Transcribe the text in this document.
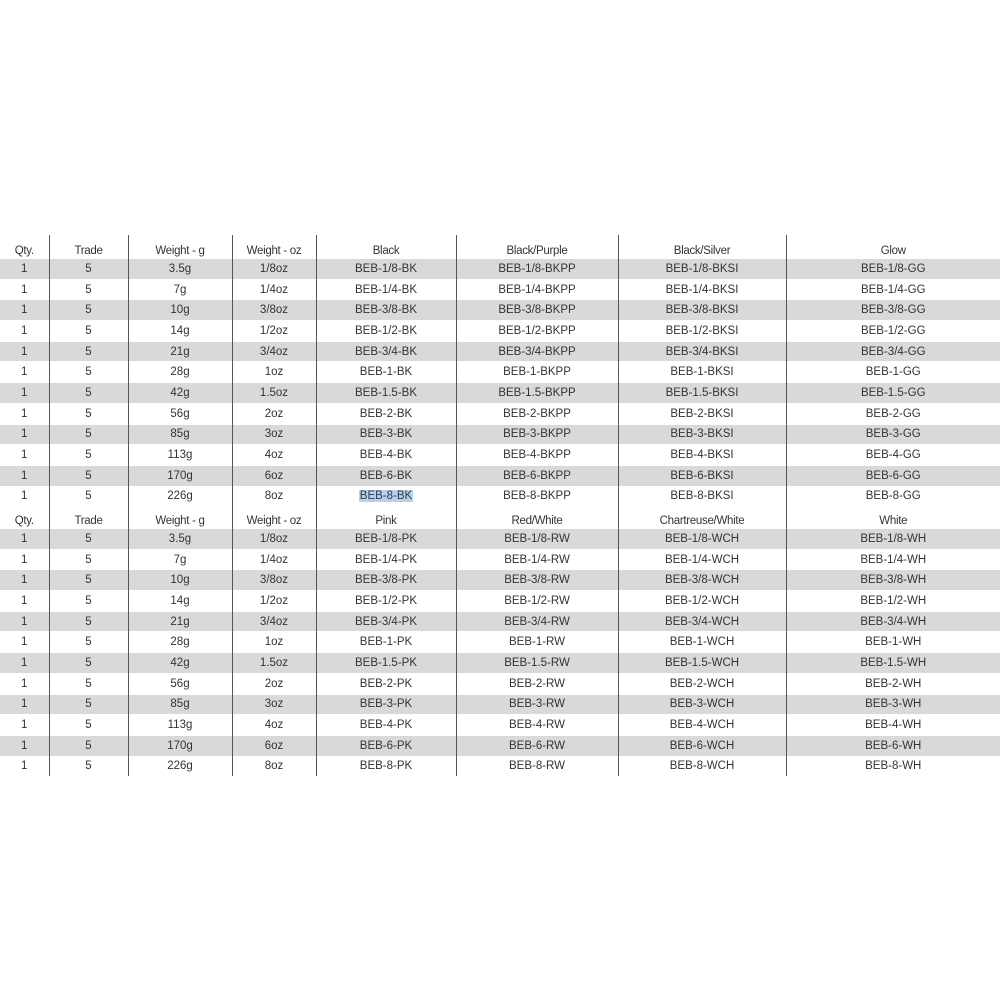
Qty.	Trade	Weight - g	Weight - oz	Black	Black/Purple	Black/Silver	Glow
1	5	3.5g	1/8oz	BEB-1/8-BK	BEB-1/8-BKPP	BEB-1/8-BKSI	BEB-1/8-GG
1	5	7g	1/4oz	BEB-1/4-BK	BEB-1/4-BKPP	BEB-1/4-BKSI	BEB-1/4-GG
1	5	10g	3/8oz	BEB-3/8-BK	BEB-3/8-BKPP	BEB-3/8-BKSI	BEB-3/8-GG
1	5	14g	1/2oz	BEB-1/2-BK	BEB-1/2-BKPP	BEB-1/2-BKSI	BEB-1/2-GG
1	5	21g	3/4oz	BEB-3/4-BK	BEB-3/4-BKPP	BEB-3/4-BKSI	BEB-3/4-GG
1	5	28g	1oz	BEB-1-BK	BEB-1-BKPP	BEB-1-BKSI	BEB-1-GG
1	5	42g	1.5oz	BEB-1.5-BK	BEB-1.5-BKPP	BEB-1.5-BKSI	BEB-1.5-GG
1	5	56g	2oz	BEB-2-BK	BEB-2-BKPP	BEB-2-BKSI	BEB-2-GG
1	5	85g	3oz	BEB-3-BK	BEB-3-BKPP	BEB-3-BKSI	BEB-3-GG
1	5	113g	4oz	BEB-4-BK	BEB-4-BKPP	BEB-4-BKSI	BEB-4-GG
1	5	170g	6oz	BEB-6-BK	BEB-6-BKPP	BEB-6-BKSI	BEB-6-GG
1	5	226g	8oz	BEB-8-BK	BEB-8-BKPP	BEB-8-BKSI	BEB-8-GG
Qty.	Trade	Weight - g	Weight - oz	Pink	Red/White	Chartreuse/White	White
1	5	3.5g	1/8oz	BEB-1/8-PK	BEB-1/8-RW	BEB-1/8-WCH	BEB-1/8-WH
1	5	7g	1/4oz	BEB-1/4-PK	BEB-1/4-RW	BEB-1/4-WCH	BEB-1/4-WH
1	5	10g	3/8oz	BEB-3/8-PK	BEB-3/8-RW	BEB-3/8-WCH	BEB-3/8-WH
1	5	14g	1/2oz	BEB-1/2-PK	BEB-1/2-RW	BEB-1/2-WCH	BEB-1/2-WH
1	5	21g	3/4oz	BEB-3/4-PK	BEB-3/4-RW	BEB-3/4-WCH	BEB-3/4-WH
1	5	28g	1oz	BEB-1-PK	BEB-1-RW	BEB-1-WCH	BEB-1-WH
1	5	42g	1.5oz	BEB-1.5-PK	BEB-1.5-RW	BEB-1.5-WCH	BEB-1.5-WH
1	5	56g	2oz	BEB-2-PK	BEB-2-RW	BEB-2-WCH	BEB-2-WH
1	5	85g	3oz	BEB-3-PK	BEB-3-RW	BEB-3-WCH	BEB-3-WH
1	5	113g	4oz	BEB-4-PK	BEB-4-RW	BEB-4-WCH	BEB-4-WH
1	5	170g	6oz	BEB-6-PK	BEB-6-RW	BEB-6-WCH	BEB-6-WH
1	5	226g	8oz	BEB-8-PK	BEB-8-RW	BEB-8-WCH	BEB-8-WH
